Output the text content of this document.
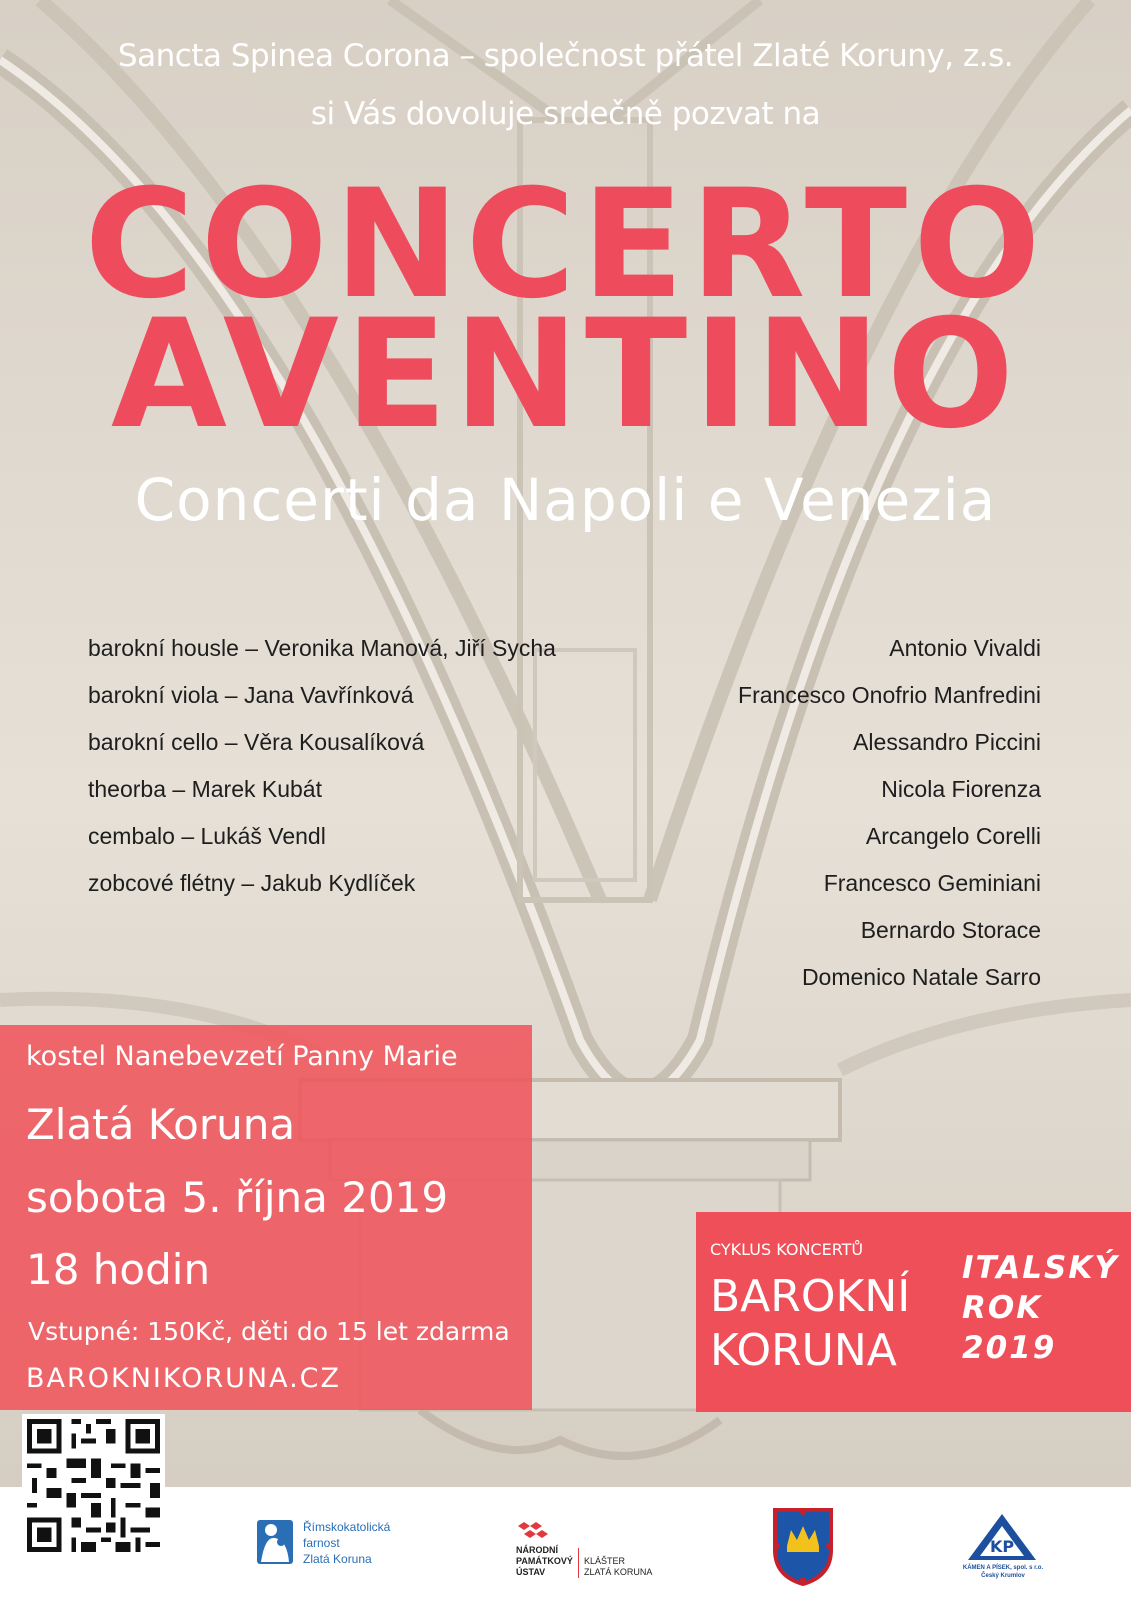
Sancta Spinea Corona – společnost přátel Zlaté Koruny, z.s.
si Vás dovoluje srdečně pozvat na
CONCERTO
AVENTINO
Concerti da Napoli e Venezia
barokní housle – Veronika Manová, Jiří Sycha
barokní viola – Jana Vavřínková
barokní cello – Věra Kousalíková
theorba – Marek Kubát
cembalo – Lukáš Vendl
zobcové flétny – Jakub Kydlíček
Antonio Vivaldi
Francesco Onofrio Manfredini
Alessandro Piccini
Nicola Fiorenza
Arcangelo Corelli
Francesco Geminiani
Bernardo Storace
Domenico Natale Sarro
kostel Nanebevzetí Panny Marie
Zlatá Koruna
sobota 5. října 2019
18 hodin
Vstupné: 150Kč, děti do 15 let zdarma
BAROKNIKORUNA.CZ
CYKLUS KONCERTŮ
BAROKNÍ
KORUNA
ITALSKÝ
ROK
2019
Římskokatolická
farnost
Zlatá Koruna
NÁRODNÍ
PAMÁTKOVÝ
ÚSTAV
KLÁŠTER
ZLATÁ KORUNA
KP
KÁMEN A PÍSEK, spol. s r.o.
Český Krumlov
